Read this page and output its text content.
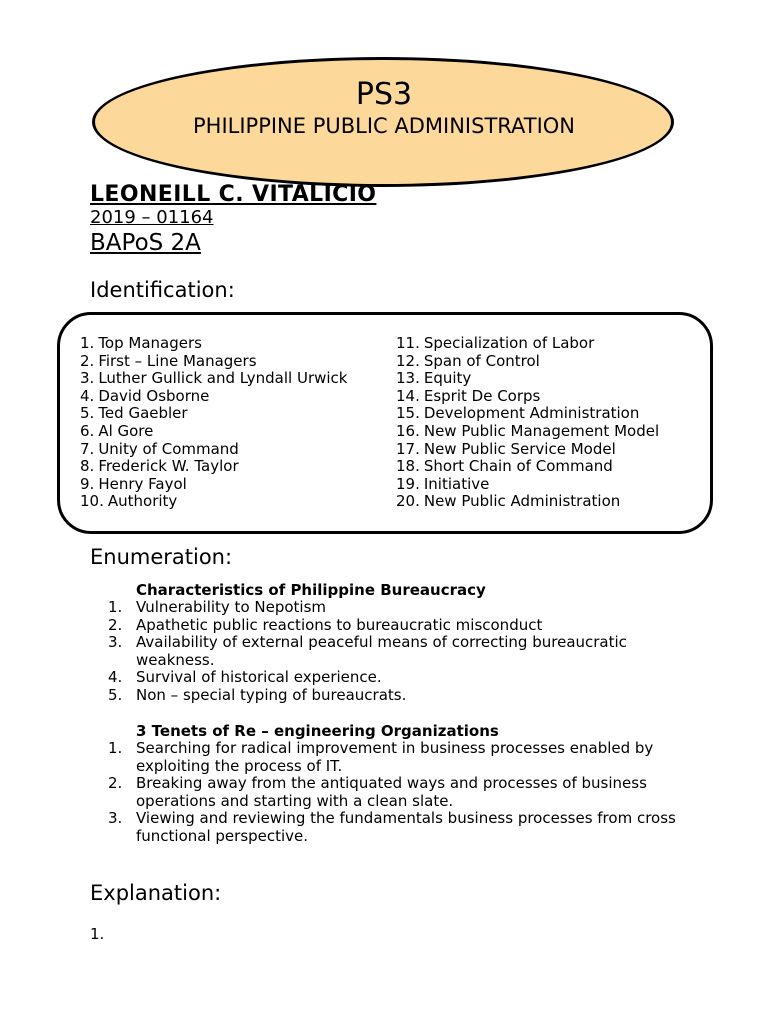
PS3
PHILIPPINE PUBLIC ADMINISTRATION
LEONEILL C. VITALICIO
2019 – 01164
BAPoS 2A
Identification:
1. Top Managers
2. First – Line Managers
3. Luther Gullick and Lyndall Urwick
4. David Osborne
5. Ted Gaebler
6. Al Gore
7. Unity of Command
8. Frederick W. Taylor
9. Henry Fayol
10. Authority
11. Specialization of Labor
12. Span of Control
13. Equity
14. Esprit De Corps
15. Development Administration
16. New Public Management Model
17. New Public Service Model
18. Short Chain of Command
19. Initiative
20. New Public Administration
Enumeration:
Characteristics of Philippine Bureaucracy
1. Vulnerability to Nepotism
2. Apathetic public reactions to bureaucratic misconduct
3. Availability of external peaceful means of correcting bureaucratic weakness.
4. Survival of historical experience.
5. Non – special typing of bureaucrats.
3 Tenets of Re – engineering Organizations
1. Searching for radical improvement in business processes enabled by exploiting the process of IT.
2. Breaking away from the antiquated ways and processes of business operations and starting with a clean slate.
3. Viewing and reviewing the fundamentals business processes from cross functional perspective.
Explanation:
1.
